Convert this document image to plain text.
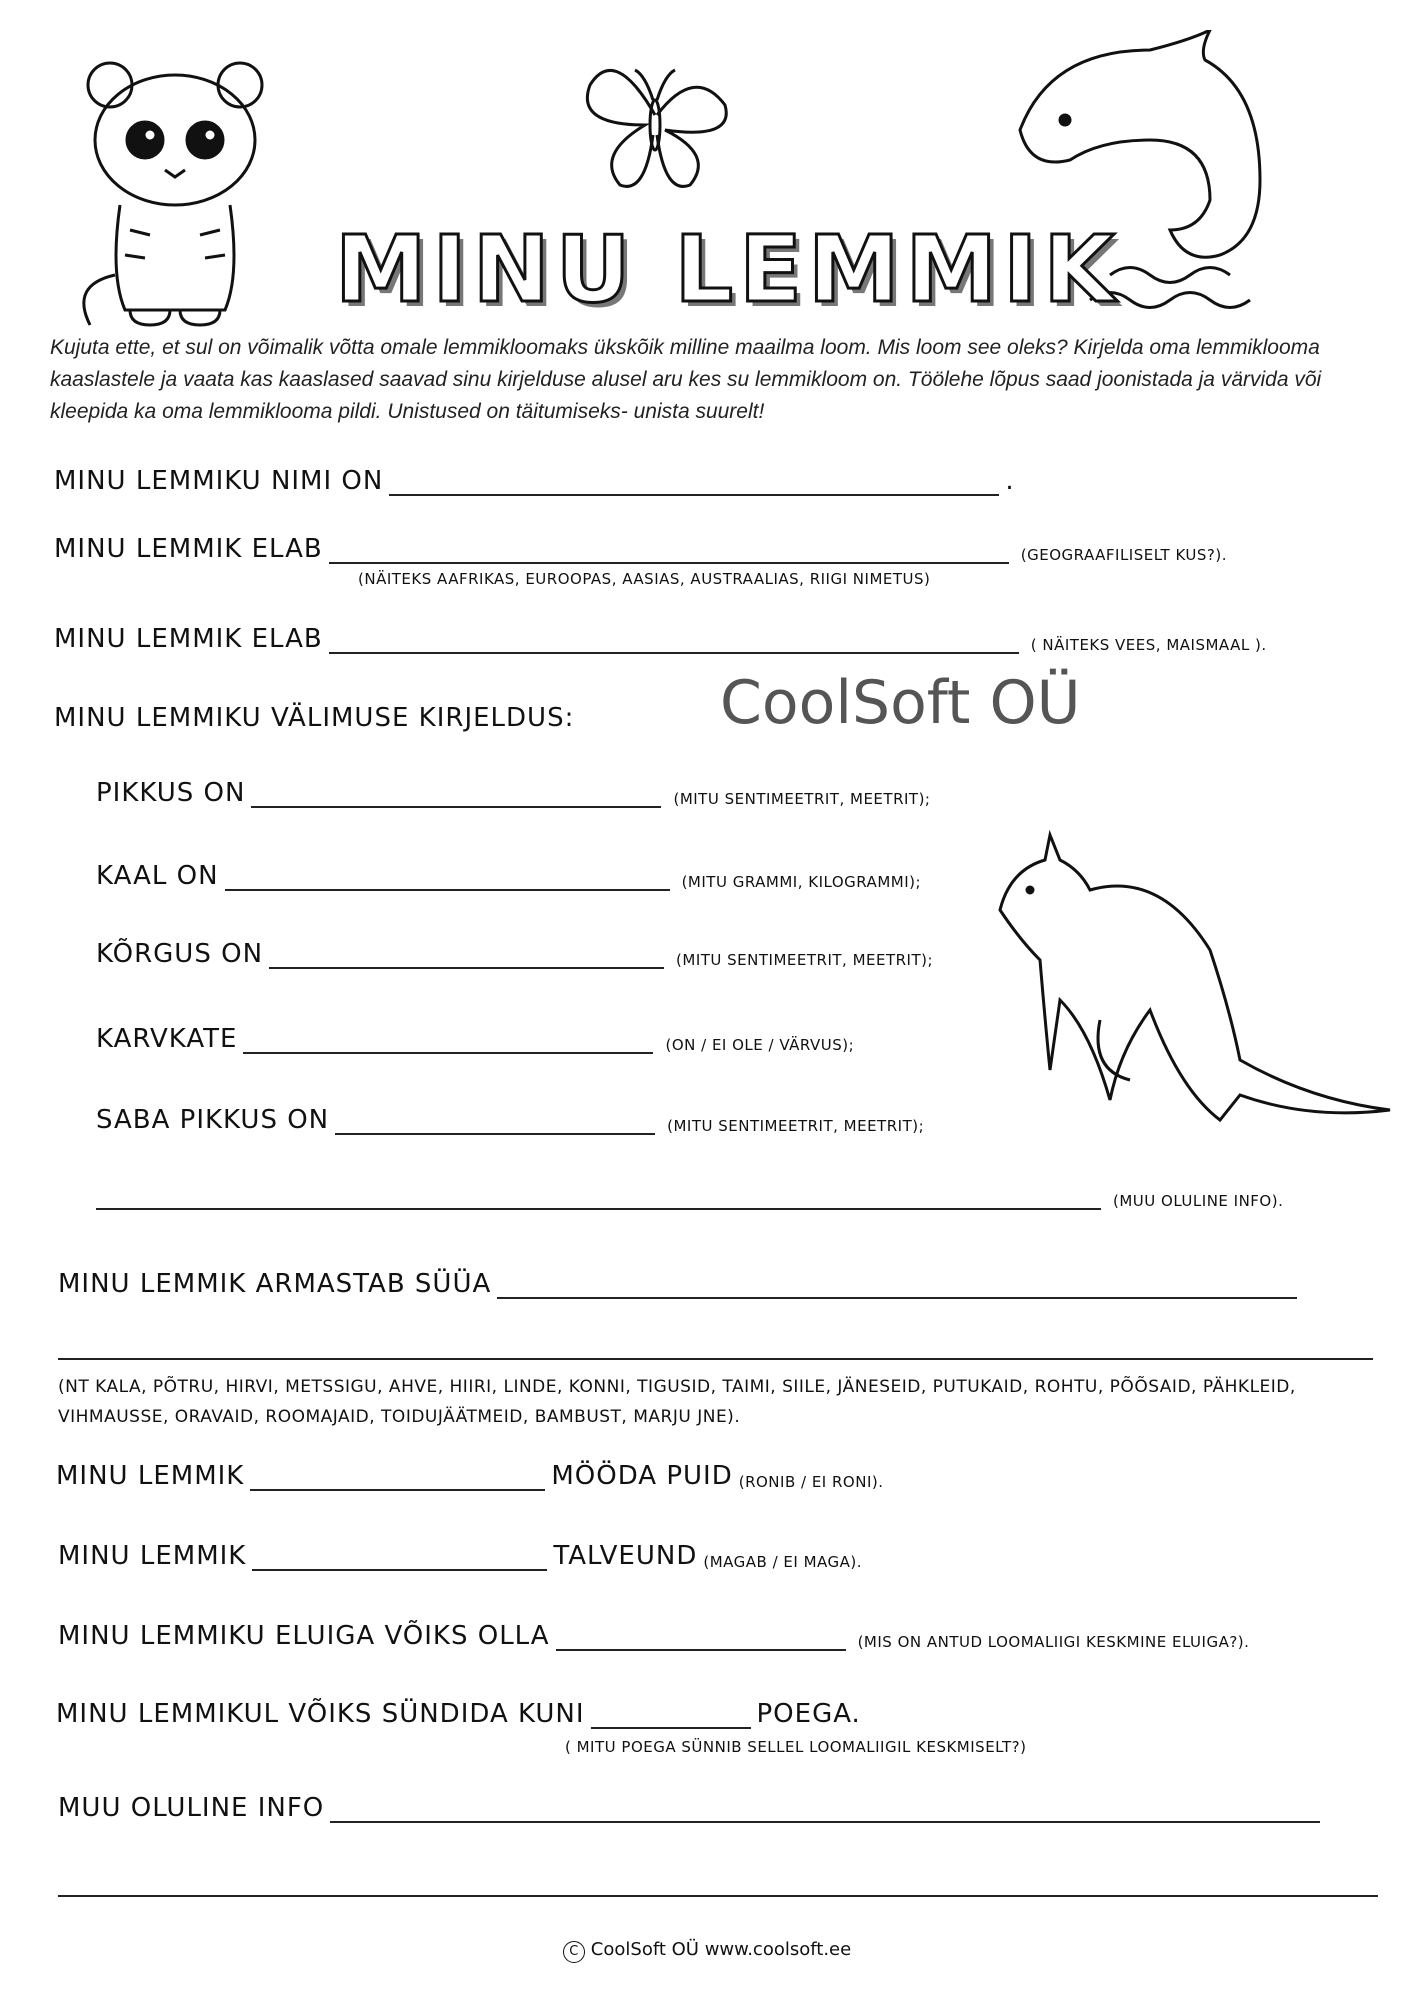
MINU LEMMIK
Kujuta ette, et sul on võimalik võtta omale lemmikloomaks ükskõik milline maailma loom. Mis loom see oleks? Kirjelda oma lemmiklooma kaaslastele ja vaata kas kaaslased saavad sinu kirjelduse alusel aru kes su lemmikloom on. Töölehe lõpus saad joonistada ja värvida või kleepida ka oma lemmiklooma pildi. Unistused on täitumiseks- unista suurelt!
MINU LEMMIKU NIMI ON	.
MINU LEMMIK ELAB	(GEOGRAAFILISELT KUS?).
(NÄITEKS AAFRIKAS, EUROOPAS, AASIAS, AUSTRAALIAS, RIIGI NIMETUS)
MINU LEMMIK ELAB	( NÄITEKS VEES, MAISMAAL ).
MINU LEMMIKU VÄLIMUSE KIRJELDUS: CoolSoft OÜ
PIKKUS ON	(MITU SENTIMEETRIT, MEETRIT);
KAAL ON	(MITU GRAMMI, KILOGRAMMI);
KÕRGUS ON	(MITU SENTIMEETRIT, MEETRIT);
KARVKATE	(ON / EI OLE / VÄRVUS);
SABA PIKKUS ON	(MITU SENTIMEETRIT, MEETRIT);
(MUU OLULINE INFO).
MINU LEMMIK ARMASTAB SÜÜA
(NT KALA, PÕTRU, HIRVI, METSSIGU, AHVE, HIIRI, LINDE, KONNI, TIGUSID, TAIMI, SIILE, JÄNESEID, PUTUKAID, ROHTU, PÕÕSAID, PÄHKLEID, VIHMAUSSE, ORAVAID, ROOMAJAID, TOIDUJÄÄTMEID, BAMBUST, MARJU JNE).
MINU LEMMIK	MÖÖDA PUID (RONIB / EI RONI).
MINU LEMMIK	TALVEUND (MAGAB / EI MAGA).
MINU LEMMIKU ELUIGA VÕIKS OLLA	(MIS ON ANTUD LOOMALIIGI KESKMINE ELUIGA?).
MINU LEMMIKUL VÕIKS SÜNDIDA KUNI	POEGA.
( MITU POEGA SÜNNIB SELLEL LOOMALIIGIL KESKMISELT?)
MUU OLULINE INFO
C CoolSoft OÜ www.coolsoft.ee
